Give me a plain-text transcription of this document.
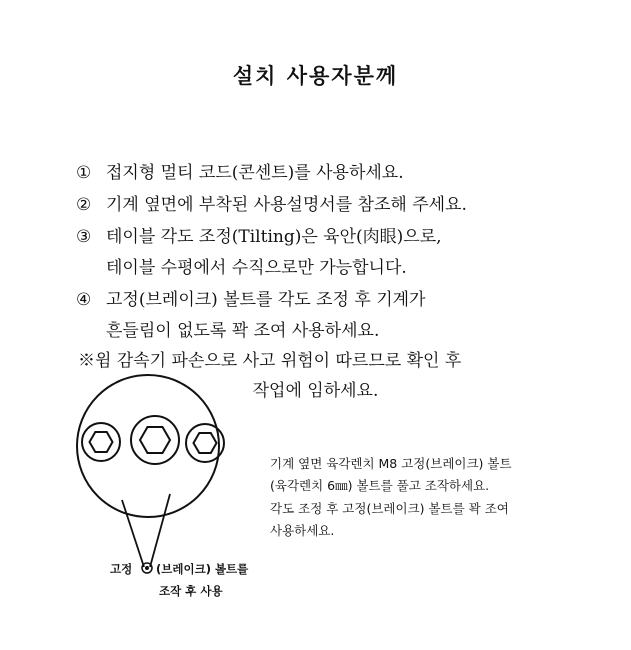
설치 사용자분께
① 접지형 멀티 코드(콘센트)를 사용하세요.
② 기계 옆면에 부착된 사용설명서를 참조해 주세요.
③ 테이블 각도 조정(Tilting)은 육안(肉眼)으로,
테이블 수평에서 수직으로만 가능합니다.
④ 고정(브레이크) 볼트를 각도 조정 후 기계가
흔들림이 없도록 꽉 조여 사용하세요.
※윔 감속기 파손으로 사고 위험이 따르므로 확인 후
작업에 임하세요.
고정 (브레이크) 볼트를
조작 후 사용
기계 옆면 육각렌치 M8 고정(브레이크) 볼트
(육각렌치 6㎜) 볼트를 풀고 조작하세요.
각도 조정 후 고정(브레이크) 볼트를 꽉 조여
사용하세요.
